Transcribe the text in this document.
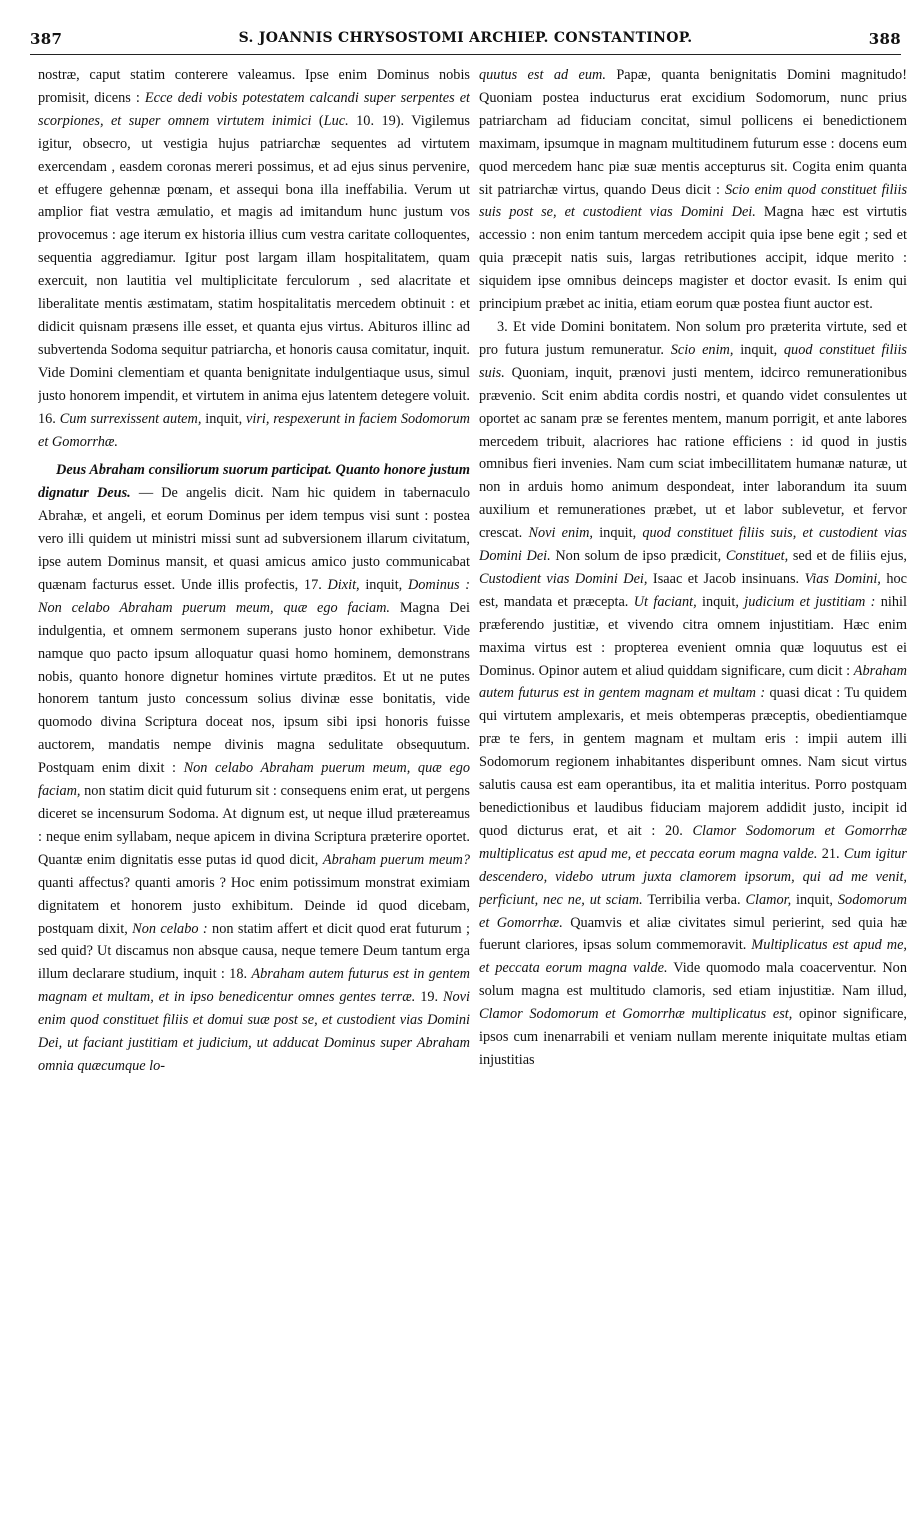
387	S. JOANNIS CHRYSOSTOMI ARCHIEP. CONSTANTINOP.	388

nostræ, caput statim conterere valeamus. Ipse enim Dominus nobis promisit, dicens : Ecce dedi vobis potestatem calcandi super serpentes et scorpiones, et super omnem virtutem inimici (Luc. 10. 19). Vigilemus igitur, obsecro, ut vestigia hujus patriarchæ sequentes ad virtutem exercendam , easdem coronas mereri possimus, et ad ejus sinus pervenire, et effugere gehennæ pœnam, et assequi bona illa ineffabilia. Verum ut amplior fiat vestra æmulatio, et magis ad imitandum hunc justum vos provocemus : age iterum ex historia illius cum vestra caritate colloquentes, sequentia aggrediamur. Igitur post largam illam hospitalitatem, quam exercuit, non lautitia vel multiplicitate ferculorum , sed alacritate et liberalitate mentis æstimatam, statim hospitalitatis mercedem obtinuit : et didicit quisnam præsens ille esset, et quanta ejus virtus. Abituros illinc ad subvertenda Sodoma sequitur patriarcha, et honoris causa comitatur, inquit. Vide Domini clementiam et quanta benignitate indulgentiaque usus, simul justo honorem impendit, et virtutem in anima ejus latentem detegere voluit. 16. Cum surrexissent autem, inquit, viri, respexerunt in faciem Sodomorum et Gomorrhæ.

Deus Abraham consiliorum suorum participat. Quanto honore justum dignatur Deus. — De angelis dicit. Nam hic quidem in tabernaculo Abrahæ, et angeli, et eorum Dominus per idem tempus visi sunt : postea vero illi quidem ut ministri missi sunt ad subversionem illarum civitatum, ipse autem Dominus mansit, et quasi amicus amico justo communicabat quænam facturus esset. Unde illis profectis, 17. Dixit, inquit, Dominus : Non celabo Abraham puerum meum, quæ ego faciam. Magna Dei indulgentia, et omnem sermonem superans justo honor exhibetur. Vide namque quo pacto ipsum alloquatur quasi homo hominem, demonstrans nobis, quanto honore dignetur homines virtute præditos. Et ut ne putes honorem tantum justo concessum solius divinæ esse bonitatis, vide quomodo divina Scriptura doceat nos, ipsum sibi ipsi honoris fuisse auctorem, mandatis nempe divinis magna sedulitate obsequutum. Postquam enim dixit : Non celabo Abraham puerum meum, quæ ego faciam, non statim dicit quid futurum sit : consequens enim erat, ut pergens diceret se incensurum Sodoma. At dignum est, ut neque illud prætereamus : neque enim syllabam, neque apicem in divina Scriptura præterire oportet. Quantæ enim dignitatis esse putas id quod dicit, Abraham puerum meum? quanti affectus? quanti amoris ? Hoc enim potissimum monstrat eximiam dignitatem et honorem justo exhibitum. Deinde id quod dicebam, postquam dixit, Non celabo : non statim affert et dicit quod erat futurum ; sed quid? Ut discamus non absque causa, neque temere Deum tantum erga illum declarare studium, inquit : 18. Abraham autem futurus est in gentem magnam et multam, et in ipso benedicentur omnes gentes terræ. 19. Novi enim quod constituet filiis et domui suæ post se, et custodient vias Domini Dei, ut faciant justitiam et judicium, ut adducat Dominus super Abraham omnia quæcumque lo-

quutus est ad eum. Papæ, quanta benignitatis Domini magnitudo! Quoniam postea inducturus erat excidium Sodomorum, nunc prius patriarcham ad fiduciam concitat, simul pollicens ei benedictionem maximam, ipsumque in magnam multitudinem futurum esse : docens eum quod mercedem hanc piæ suæ mentis accepturus sit. Cogita enim quanta sit patriarchæ virtus, quando Deus dicit : Scio enim quod constituet filiis suis post se, et custodient vias Domini Dei. Magna hæc est virtutis accessio : non enim tantum mercedem accipit quia ipse bene egit ; sed et quia præcepit natis suis, largas retributiones accipit, idque merito : siquidem ipse omnibus deinceps magister et doctor evasit. Is enim qui principium præbet ac initia, etiam eorum quæ postea fiunt auctor est.

3. Et vide Domini bonitatem. Non solum pro præterita virtute, sed et pro futura justum remuneratur. Scio enim, inquit, quod constituet filiis suis. Quoniam, inquit, prænovi justi mentem, idcirco remunerationibus prævenio. Scit enim abdita cordis nostri, et quando videt consulentes ut oportet ac sanam præ se ferentes mentem, manum porrigit, et ante labores mercedem tribuit, alacriores hac ratione efficiens : id quod in justis omnibus fieri invenies. Nam cum sciat imbecillitatem humanæ naturæ, ut non in arduis homo animum despondeat, inter laborandum ita suum auxilium et remunerationes præbet, ut et labor sublevetur, et fervor crescat. Novi enim, inquit, quod constituet filiis suis, et custodient vias Domini Dei. Non solum de ipso prædicit, Constituet, sed et de filiis ejus, Custodient vias Domini Dei, Isaac et Jacob insinuans. Vias Domini, hoc est, mandata et præcepta. Ut faciant, inquit, judicium et justitiam : nihil præferendo justitiæ, et vivendo citra omnem injustitiam. Hæc enim maxima virtus est : propterea evenient omnia quæ loquutus est ei Dominus. Opinor autem et aliud quiddam significare, cum dicit : Abraham autem futurus est in gentem magnam et multam : quasi dicat : Tu quidem qui virtutem amplexaris, et meis obtemperas præceptis, obedientiamque præ te fers, in gentem magnam et multam eris : impii autem illi Sodomorum regionem inhabitantes disperibunt omnes. Nam sicut virtus salutis causa est eam operantibus, ita et malitia interitus. Porro postquam benedictionibus et laudibus fiduciam majorem addidit justo, incipit id quod dicturus erat, et ait : 20. Clamor Sodomorum et Gomorrhæ multiplicatus est apud me, et peccata eorum magna valde. 21. Cum igitur descendero, videbo utrum juxta clamorem ipsorum, qui ad me venit, perficiunt, nec ne, ut sciam. Terribilia verba. Clamor, inquit, Sodomorum et Gomorrhæ. Quamvis et aliæ civitates simul perierint, sed quia hæ fuerunt clariores, ipsas solum commemoravit. Multiplicatus est apud me, et peccata eorum magna valde. Vide quomodo mala coacerventur. Non solum magna est multitudo clamoris, sed etiam injustitiæ. Nam illud, Clamor Sodomorum et Gomorrhæ multiplicatus est, opinor significare, ipsos cum inenarrabili et veniam nullam merente iniquitate multas etiam injustitias
